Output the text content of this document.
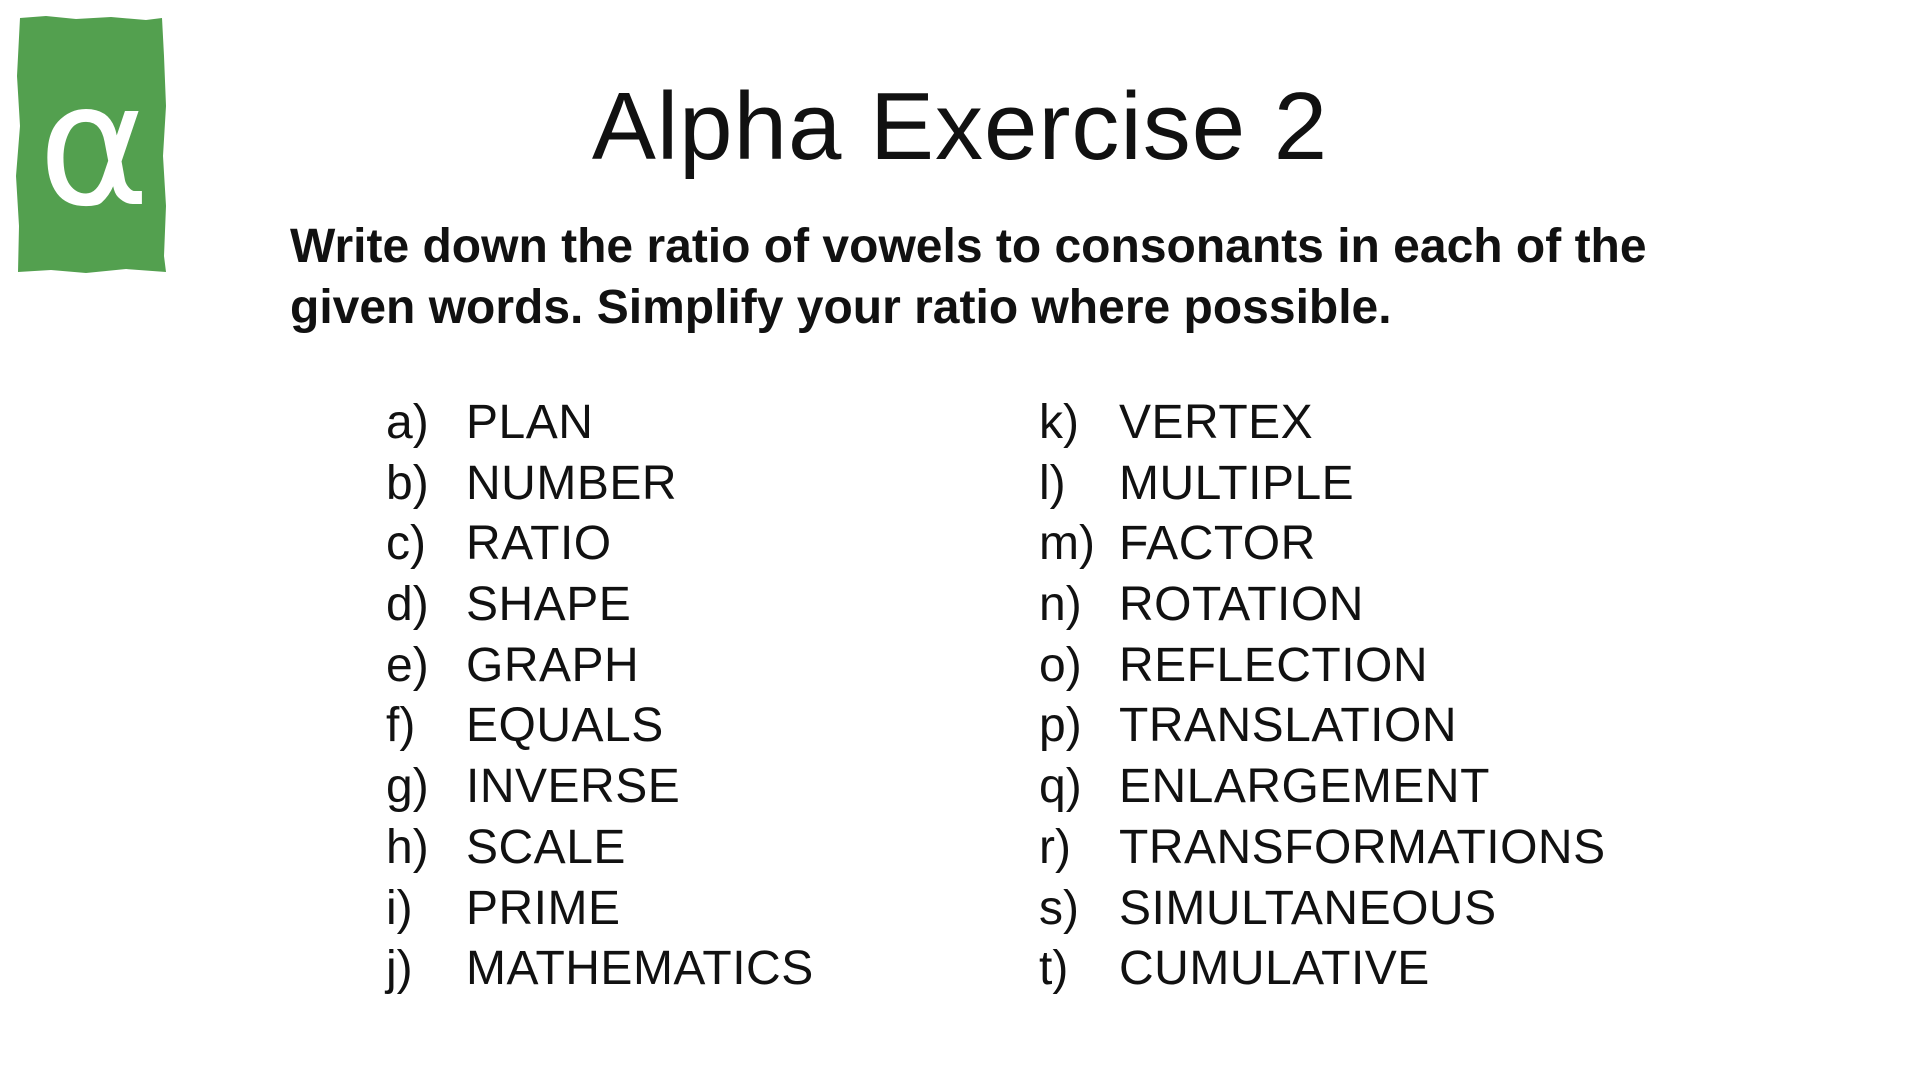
α	Alpha Exercise 2

Write down the ratio of vowels to consonants in each of the given words. Simplify your ratio where possible.

a) PLAN
b) NUMBER
c) RATIO
d) SHAPE
e) GRAPH
f)	EQUALS
g) INVERSE
h) SCALE
i)	PRIME
j)	MATHEMATICS
k) VERTEX
l)	MULTIPLE
m) FACTOR
n) ROTATION
o) REFLECTION
p) TRANSLATION
q) ENLARGEMENT
r)	TRANSFORMATIONS
s) SIMULTANEOUS
t)	CUMULATIVE
